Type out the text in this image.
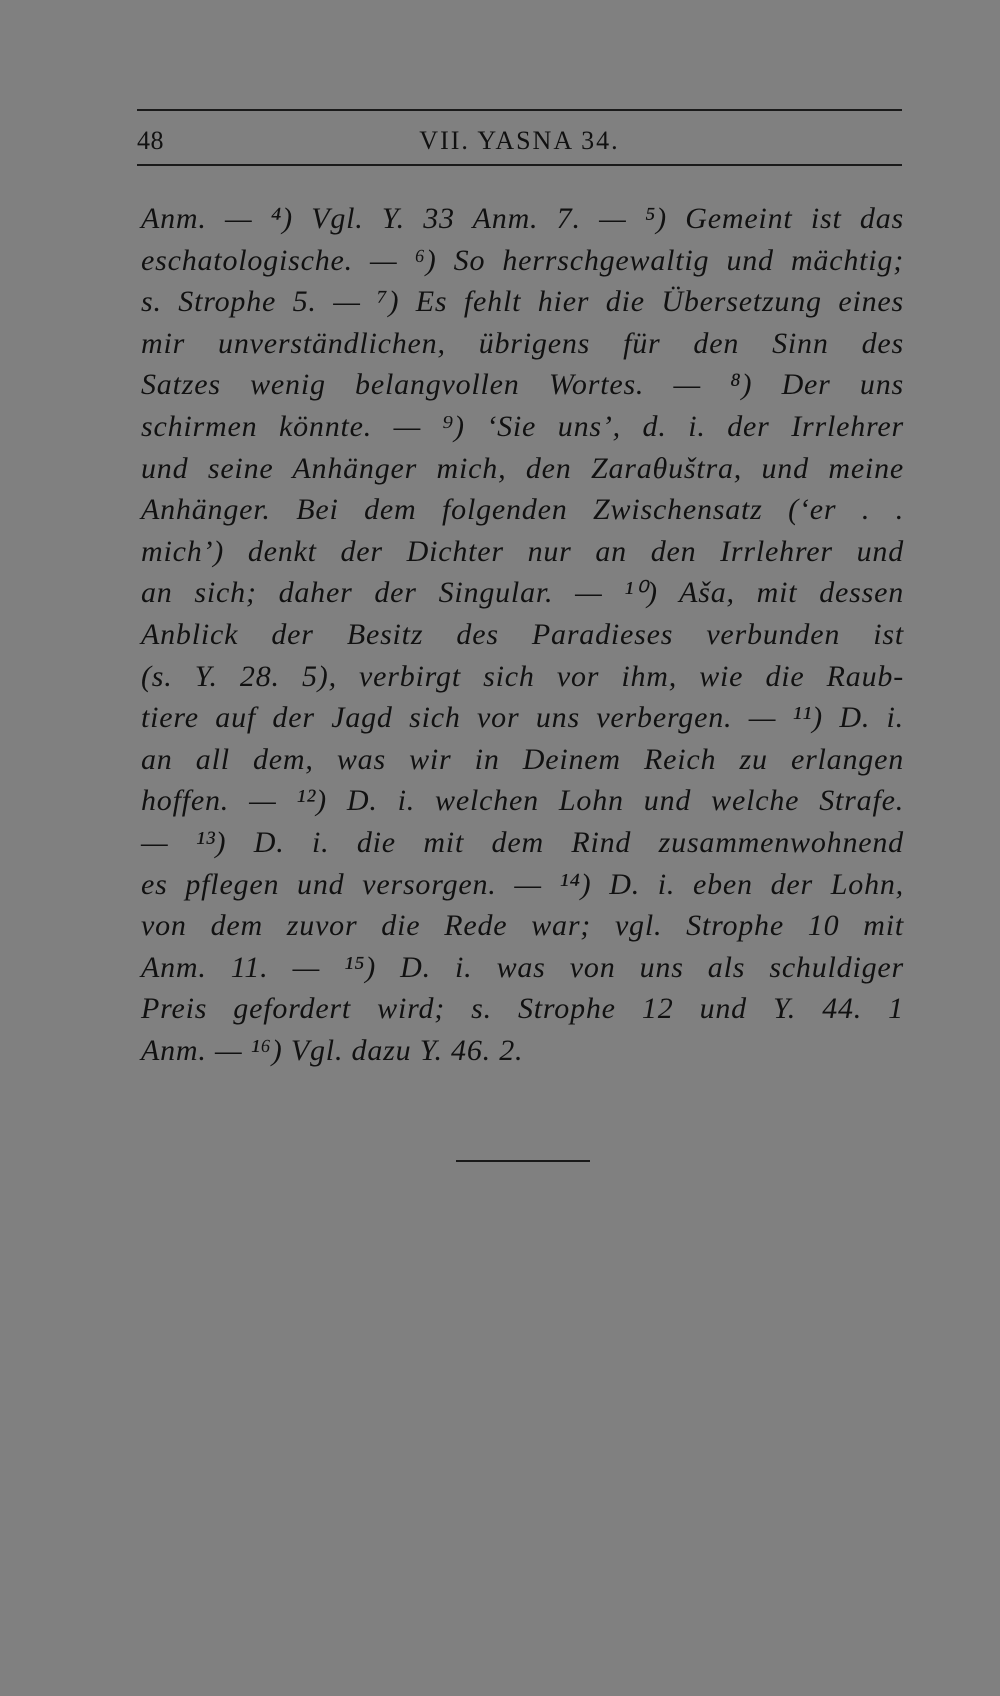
48	VII. YASNA 34.
Anm. — ⁴) Vgl. Y. 33 Anm. 7. — ⁵) Gemeint ist das
eschatologische. — ⁶) So herrschgewaltig und mächtig;
s. Strophe 5. — ⁷) Es fehlt hier die Übersetzung eines
mir unverständlichen, übrigens für den Sinn des
Satzes wenig belangvollen Wortes. — ⁸) Der uns
schirmen könnte. — ⁹) ‘Sie uns’, d. i. der Irrlehrer
und seine Anhänger mich, den Zaraθuštra, und meine
Anhänger. Bei dem folgenden Zwischensatz (‘er . .
mich’) denkt der Dichter nur an den Irrlehrer und
an sich; daher der Singular. — ¹⁰) Aša, mit dessen
Anblick der Besitz des Paradieses verbunden ist
(s. Y. 28. 5), verbirgt sich vor ihm, wie die Raub-
tiere auf der Jagd sich vor uns verbergen. — ¹¹) D. i.
an all dem, was wir in Deinem Reich zu erlangen
hoffen. — ¹²) D. i. welchen Lohn und welche Strafe.
— ¹³) D. i. die mit dem Rind zusammenwohnend
es pflegen und versorgen. — ¹⁴) D. i. eben der Lohn,
von dem zuvor die Rede war; vgl. Strophe 10 mit
Anm. 11. — ¹⁵) D. i. was von uns als schuldiger
Preis gefordert wird; s. Strophe 12 und Y. 44. 1
Anm. — ¹⁶) Vgl. dazu Y. 46. 2.
